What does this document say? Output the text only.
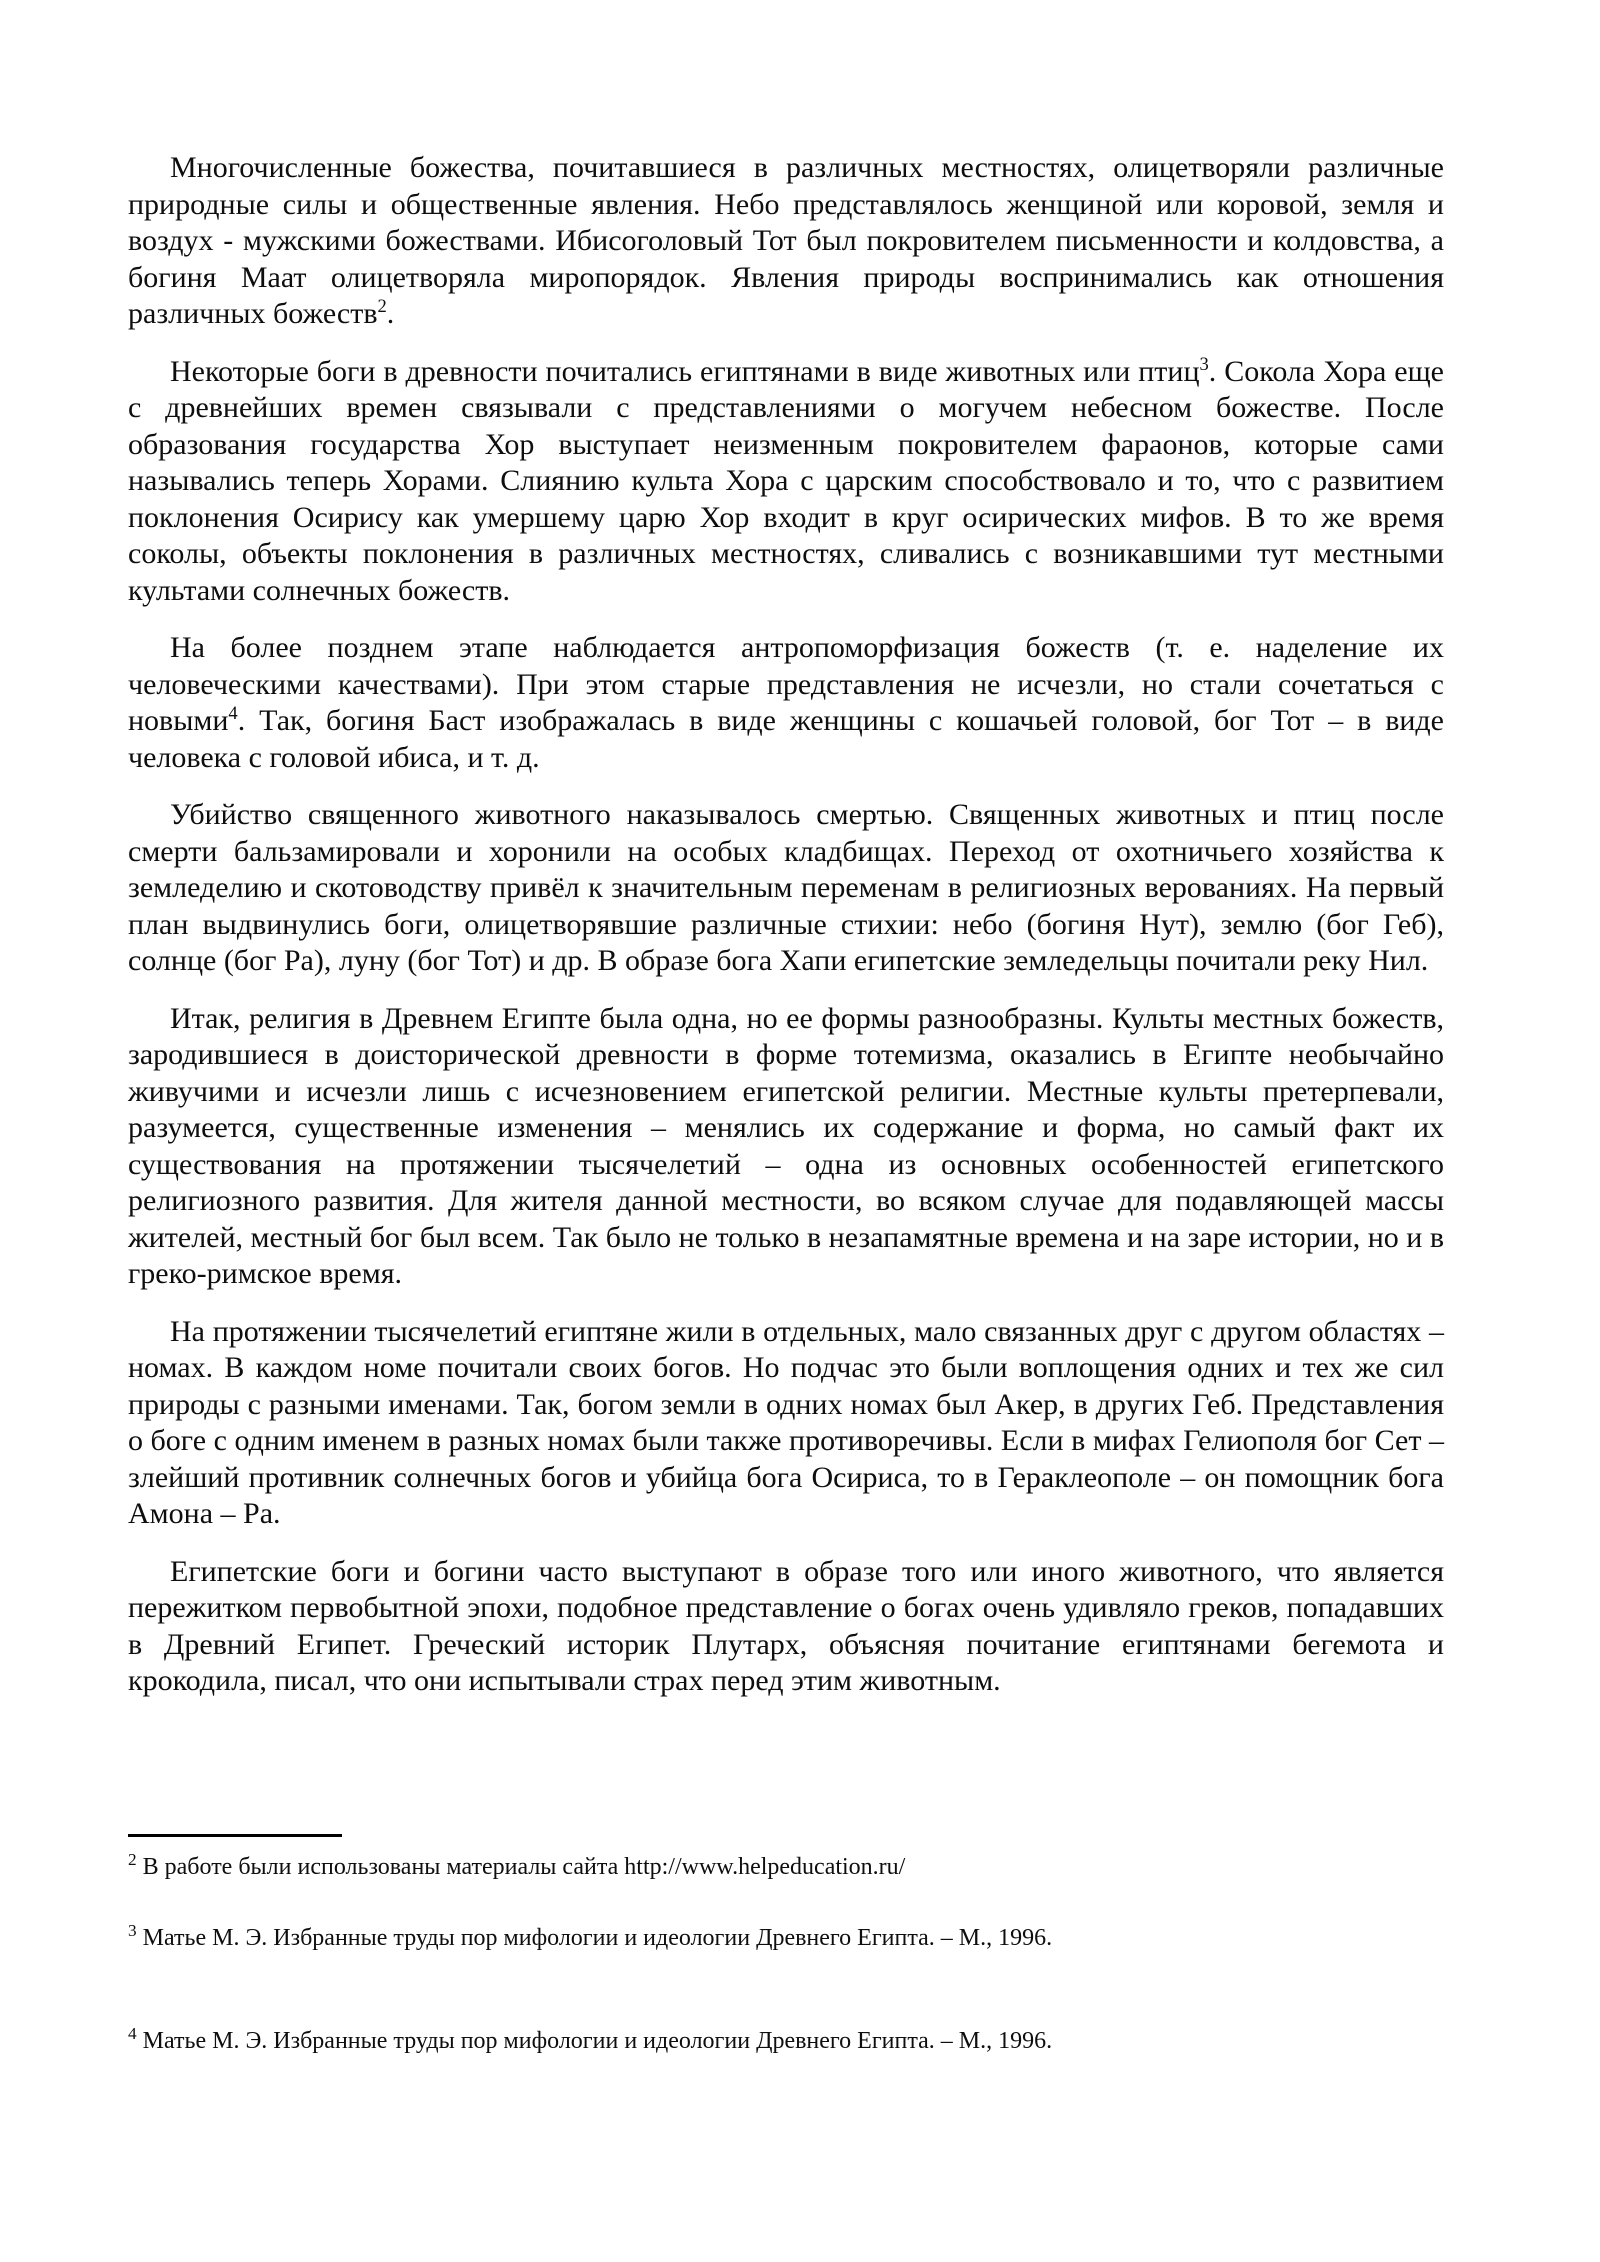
Многочисленные божества, почитавшиеся в различных местностях, олицетворяли различные природные силы и общественные явления. Небо представлялось женщиной или коровой, земля и воздух - мужскими божествами. Ибисоголовый Тот был покровителем письменности и колдовства, а богиня Маат олицетворяла миропорядок. Явления природы воспринимались как отношения различных божеств$^2$.

Некоторые боги в древности почитались египтянами в виде животных или птиц$^3$. Сокола Хора еще с древнейших времен связывали с представлениями о могучем небесном божестве. После образования государства Хор выступает неизменным покровителем фараонов, которые сами назывались теперь Хорами. Слиянию культа Хора с царским способствовало и то, что с развитием поклонения Осирису как умершему царю Хор входит в круг осирических мифов. В то же время соколы, объекты поклонения в различных местностях, сливались с возникавшими тут местными культами солнечных божеств.

На более позднем этапе наблюдается антропоморфизация божеств (т. е. наделение их человеческими качествами). При этом старые представления не исчезли, но стали сочетаться с новыми$^4$. Так, богиня Баст изображалась в виде женщины с кошачьей головой, бог Тот – в виде человека с головой ибиса, и т. д.

Убийство священного животного наказывалось смертью. Священных животных и птиц после смерти бальзамировали и хоронили на особых кладбищах. Переход от охотничьего хозяйства к земледелию и скотоводству привёл к значительным переменам в религиозных верованиях. На первый план выдвинулись боги, олицетворявшие различные стихии: небо (богиня Нут), землю (бог Геб), солнце (бог Ра), луну (бог Тот) и др. В образе бога Хапи египетские земледельцы почитали реку Нил.

Итак, религия в Древнем Египте была одна, но ее формы разнообразны. Культы местных божеств, зародившиеся в доисторической древности в форме тотемизма, оказались в Египте необычайно живучими и исчезли лишь с исчезновением египетской религии. Местные культы претерпевали, разумеется, существенные изменения – менялись их содержание и форма, но самый факт их существования на протяжении тысячелетий – одна из основных особенностей египетского религиозного развития. Для жителя данной местности, во всяком случае для подавляющей массы жителей, местный бог был всем. Так было не только в незапамятные времена и на заре истории, но и в греко-римское время.

На протяжении тысячелетий египтяне жили в отдельных, мало связанных друг с другом областях – номах. В каждом номе почитали своих богов. Но подчас это были воплощения одних и тех же сил природы с разными именами. Так, богом земли в одних номах был Акер, в других Геб. Представления о боге с одним именем в разных номах были также противоречивы. Если в мифах Гелиополя бог Сет – злейший противник солнечных богов и убийца бога Осириса, то в Гераклеополе – он помощник бога Амона – Ра.

Египетские боги и богини часто выступают в образе того или иного животного, что является пережитком первобытной эпохи, подобное представление о богах очень удивляло греков, попадавших в Древний Египет. Греческий историк Плутарх, объясняя почитание египтянами бегемота и крокодила, писал, что они испытывали страх перед этим животным.

$^2$ В работе были использованы материалы сайта http://www.helpeducation.ru/
$^3$ Матье М. Э. Избранные труды пор мифологии и идеологии Древнего Египта. – М., 1996.
$^4$ Матье М. Э. Избранные труды пор мифологии и идеологии Древнего Египта. – М., 1996.
